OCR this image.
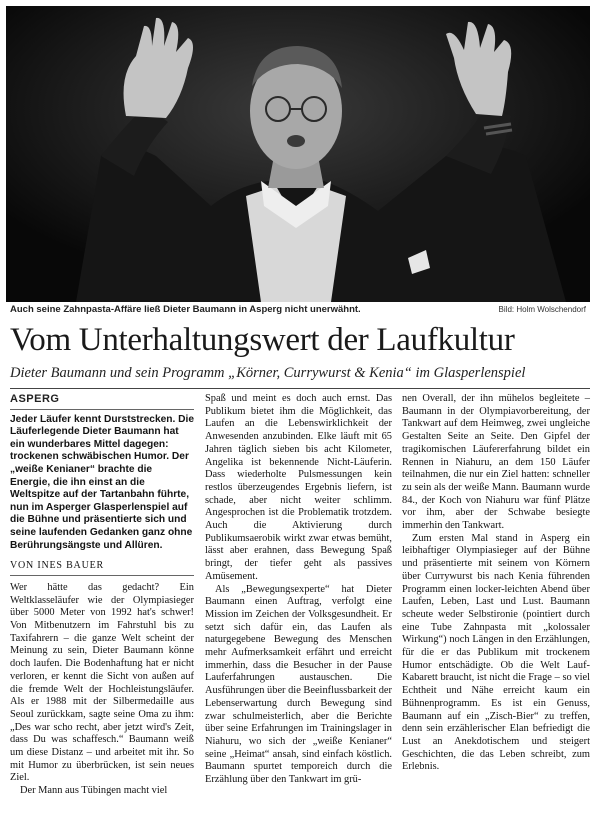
Auch seine Zahnpasta-Affäre ließ Dieter Baumann in Asperg nicht unerwähnt.	Bild: Holm Wolschendorf
Vom Unterhaltungswert der Laufkultur
Dieter Baumann und sein Programm „Körner, Currywurst & Kenia“ im Glasperlenspiel
ASPERG

Jeder Läufer kennt Durststrecken. Die Läuferlegende Dieter Baumann hat ein wunderbares Mittel dagegen: trockenen schwäbischen Humor. Der „weiße Kenianer“ brachte die Energie, die ihn einst an die Weltspitze auf der Tartanbahn führte, nun im Asperger Glasperlenspiel auf die Bühne und präsentierte sich und seine laufenden Gedanken ganz ohne Berührungsängste und Allüren.

VON INES BAUER

Wer hätte das gedacht? Ein Weltklasseläufer wie der Olympiasieger über 5000 Meter von 1992 hat's schwer! Von Mitbenutzern im Fahrstuhl bis zu Taxifahrern – die ganze Welt scheint der Meinung zu sein, Dieter Baumann könne doch laufen. Die Bodenhaftung hat er nicht verloren, er kennt die Sicht von außen auf die fremde Welt der Hochleistungsläufer. Als er 1988 mit der Silbermedaille aus Seoul zurückkam, sagte seine Oma zu ihm: „Des war scho recht, aber jetzt wird's Zeit, dass Du was schaffesch.“ Baumann weiß um diese Distanz – und arbeitet mit ihr. So mit Humor zu überbrücken, ist sein neues Ziel.

Der Mann aus Tübingen macht viel

Spaß und meint es doch auch ernst. Das Publikum bietet ihm die Möglichkeit, das Laufen an die Lebenswirklichkeit der Anwesenden anzubinden. Elke läuft mit 65 Jahren täglich sieben bis acht Kilometer, Angelika ist bekennende Nicht-Läuferin. Dass wiederholte Pulsmessungen kein restlos überzeugendes Ergebnis liefern, ist schade, aber nicht weiter schlimm. Angesprochen ist die Problematik trotzdem. Auch die Aktivierung durch Publikumsaerobik wirkt zwar etwas bemüht, lässt aber erahnen, dass Bewegung Spaß bringt, der tiefer geht als passives Amüsement.

Als „Bewegungsexperte“ hat Dieter Baumann einen Auftrag, verfolgt eine Mission im Zeichen der Volksgesundheit. Er setzt sich dafür ein, das Laufen als naturgegebene Bewegung des Menschen mehr Aufmerksamkeit erfährt und erreicht immerhin, dass die Besucher in der Pause Lauferfahrungen austauschen. Die Ausführungen über die Beeinflussbarkeit der Lebenserwartung durch Bewegung sind zwar schulmeisterlich, aber die Berichte über seine Erfahrungen im Trainingslager in Niahuru, wo sich der „weiße Kenianer“ seine „Heimat“ ansah, sind einfach köstlich. Baumann spurtet temporeich durch die Erzählung über den Tankwart im grü-

nen Overall, der ihn mühelos begleitete – Baumann in der Olympiavorbereitung, der Tankwart auf dem Heimweg, zwei ungleiche Gestalten Seite an Seite. Den Gipfel der tragikomischen Läufererfahrung bildet ein Rennen in Niahuru, an dem 150 Läufer teilnahmen, die nur ein Ziel hatten: schneller zu sein als der weiße Mann. Baumann wurde 84., der Koch von Niahuru war fünf Plätze vor ihm, aber der Schwabe besiegte immerhin den Tankwart.

Zum ersten Mal stand in Asperg ein leibhaftiger Olympiasieger auf der Bühne und präsentierte mit seinem von Körnern über Currywurst bis nach Kenia führenden Programm einen locker-leichten Abend über Laufen, Leben, Last und Lust. Baumann scheute weder Selbstironie (pointiert durch eine Tube Zahnpasta mit „kolossaler Wirkung“) noch Längen in den Erzählungen, für die er das Publikum mit trockenem Humor entschädigte. Ob die Welt Lauf-Kabarett braucht, ist nicht die Frage – so viel Echtheit und Nähe erreicht kaum ein Bühnenprogramm. Es ist ein Genuss, Baumann auf ein „Zisch-Bier“ zu treffen, denn sein erzählerischer Elan befriedigt die Lust an Anekdotischem und steigert Geschichten, die das Leben schreibt, zum Erlebnis.
